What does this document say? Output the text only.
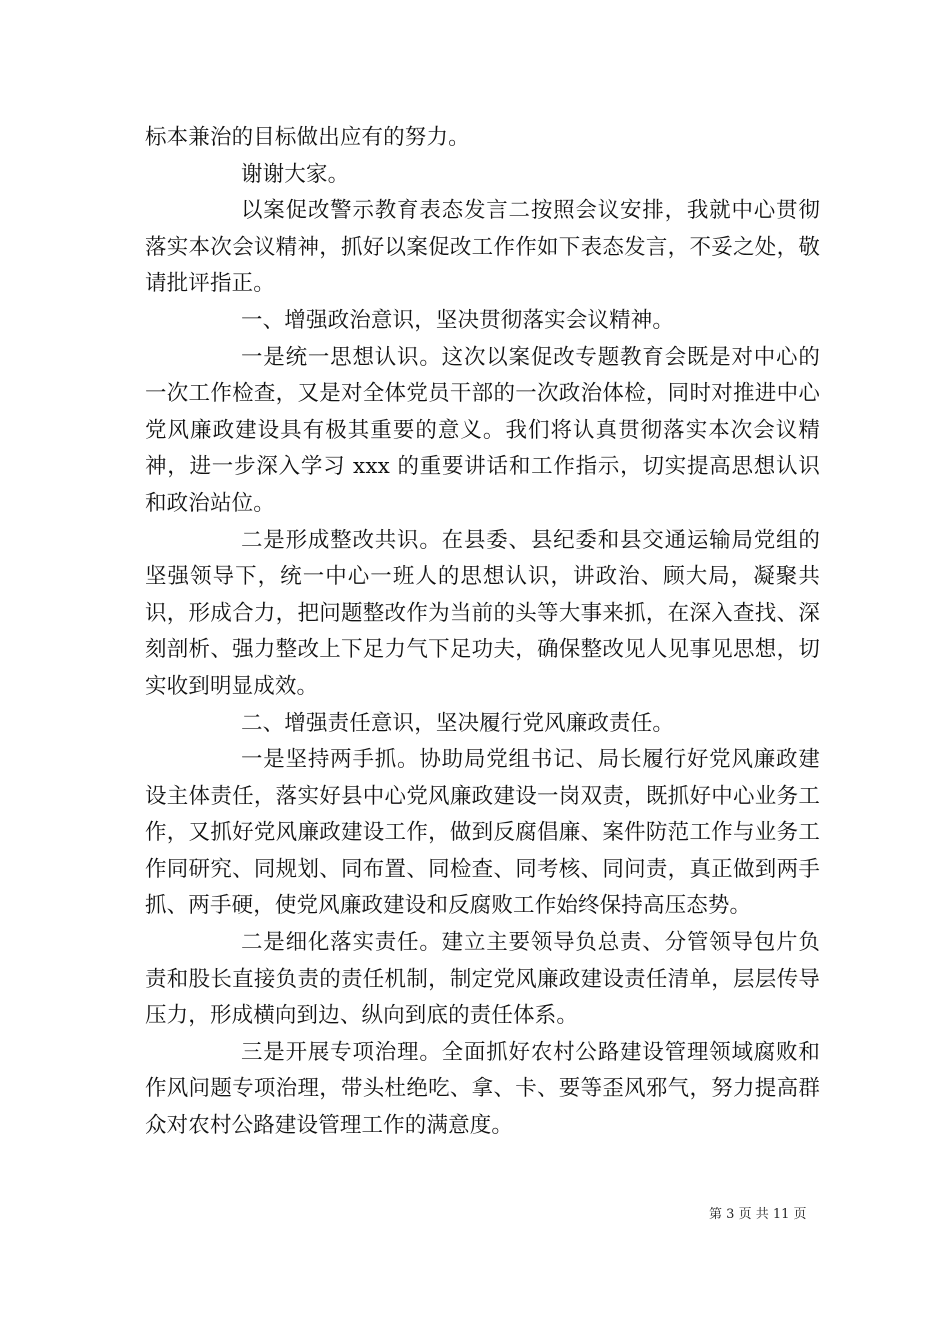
标本兼治的目标做出应有的努力。

谢谢大家。

以案促改警示教育表态发言二按照会议安排，我就中心贯彻落实本次会议精神，抓好以案促改工作作如下表态发言，不妥之处，敬请批评指正。

一、增强政治意识，坚决贯彻落实会议精神。

一是统一思想认识。这次以案促改专题教育会既是对中心的一次工作检查，又是对全体党员干部的一次政治体检，同时对推进中心党风廉政建设具有极其重要的意义。我们将认真贯彻落实本次会议精神，进一步深入学习 xxx 的重要讲话和工作指示，切实提高思想认识和政治站位。

二是形成整改共识。在县委、县纪委和县交通运输局党组的坚强领导下，统一中心一班人的思想认识，讲政治、顾大局，凝聚共识，形成合力，把问题整改作为当前的头等大事来抓，在深入查找、深刻剖析、强力整改上下足力气下足功夫，确保整改见人见事见思想，切实收到明显成效。

二、增强责任意识，坚决履行党风廉政责任。

一是坚持两手抓。协助局党组书记、局长履行好党风廉政建设主体责任，落实好县中心党风廉政建设一岗双责，既抓好中心业务工作，又抓好党风廉政建设工作，做到反腐倡廉、案件防范工作与业务工作同研究、同规划、同布置、同检查、同考核、同问责，真正做到两手抓、两手硬，使党风廉政建设和反腐败工作始终保持高压态势。

二是细化落实责任。建立主要领导负总责、分管领导包片负责和股长直接负责的责任机制，制定党风廉政建设责任清单，层层传导压力，形成横向到边、纵向到底的责任体系。

三是开展专项治理。全面抓好农村公路建设管理领域腐败和作风问题专项治理，带头杜绝吃、拿、卡、要等歪风邪气，努力提高群众对农村公路建设管理工作的满意度。

第 3 页 共 11 页
